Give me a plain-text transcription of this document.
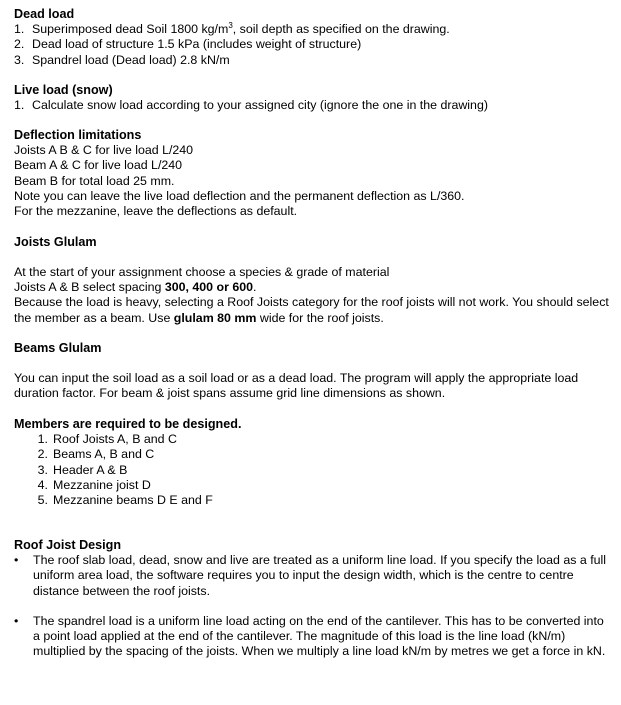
Dead load
1. Superimposed dead Soil 1800 $kg/m^3$, soil depth as specified on the drawing.
2. Dead load of structure 1.5 kPa (includes weight of structure)
3. Spandrel load (Dead load) 2.8 kN/m
Live load (snow)
1. Calculate snow load according to your assigned city (ignore the one in the drawing)
Deflection limitations
Joists A B & C for live load L/240
Beam A & C for live load L/240
Beam B for total load 25 mm.
Note you can leave the live load deflection and the permanent deflection as L/360.
For the mezzanine, leave the deflections as default.
Joists Glulam
At the start of your assignment choose a species & grade of material
Joists A & B select spacing 300, 400 or 600.

Because the load is heavy, selecting a Roof Joists category for the roof joists will not work. You should select the member as a beam. Use glulam 80 mm wide for the roof joists.

Beams Glulam

You can input the soil load as a soil load or as a dead load. The program will apply the appropriate load duration factor. For beam & joist spans assume grid line dimensions as shown.

Members are required to be designed.
1. Roof Joists A, B and C
2. Beams A, B and C
3. Header A & B
4. Mezzanine joist D
5. Mezzanine beams D E and F
Roof Joist Design
•	The roof slab load, dead, snow and live are treated as a uniform line load. If you specify the load as a full uniform area load, the software requires you to input the design width, which is the centre to centre distance between the roof joists.
•	The spandrel load is a uniform line load acting on the end of the cantilever. This has to be converted into a point load applied at the end of the cantilever. The magnitude of this load is the line load (kN/m) multiplied by the spacing of the joists. When we multiply a line load kN/m by metres we get a force in kN.
